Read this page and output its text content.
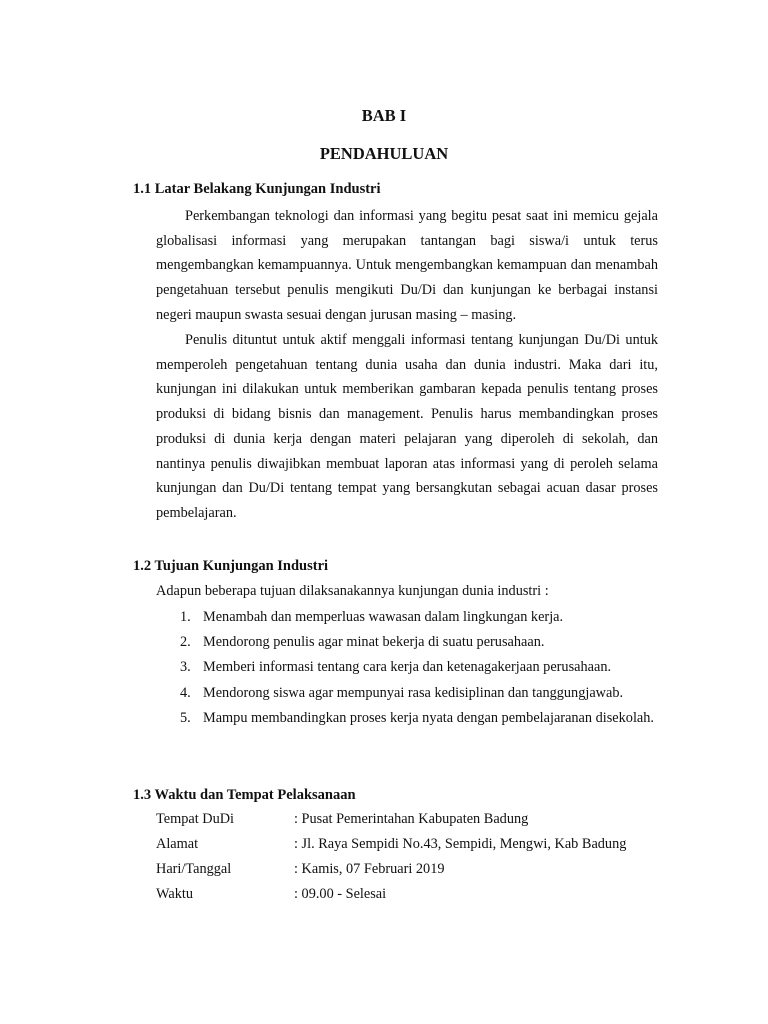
BAB I
PENDAHULUAN
1.1 Latar Belakang Kunjungan Industri

Perkembangan teknologi dan informasi yang begitu pesat saat ini memicu gejala globalisasi informasi yang merupakan tantangan bagi siswa/i untuk terus mengembangkan kemampuannya. Untuk mengembangkan kemampuan dan menambah pengetahuan tersebut penulis mengikuti Du/Di dan kunjungan ke berbagai instansi negeri maupun swasta sesuai dengan jurusan masing – masing.

Penulis dituntut untuk aktif menggali informasi tentang kunjungan Du/Di untuk memperoleh pengetahuan tentang dunia usaha dan dunia industri. Maka dari itu, kunjungan ini dilakukan untuk memberikan gambaran kepada penulis tentang proses produksi di bidang bisnis dan management. Penulis harus membandingkan proses produksi di dunia kerja dengan materi pelajaran yang diperoleh di sekolah, dan nantinya penulis diwajibkan membuat laporan atas informasi yang di peroleh selama kunjungan dan Du/Di tentang tempat yang bersangkutan sebagai acuan dasar proses pembelajaran.

1.2 Tujuan Kunjungan Industri
Adapun beberapa tujuan dilaksanakannya kunjungan dunia industri :
1. Menambah dan memperluas wawasan dalam lingkungan kerja.
2. Mendorong penulis agar minat bekerja di suatu perusahaan.
3. Memberi informasi tentang cara kerja dan ketenagakerjaan perusahaan.
4. Mendorong siswa agar mempunyai rasa kedisiplinan dan tanggungjawab.
5. Mampu membandingkan proses kerja nyata dengan pembelajaranan disekolah.
1.3 Waktu dan Tempat Pelaksanaan
Tempat DuDi	: Pusat Pemerintahan Kabupaten Badung
Alamat	: Jl. Raya Sempidi No.43, Sempidi, Mengwi, Kab Badung
Hari/Tanggal	: Kamis, 07 Februari 2019
Waktu	: 09.00 - Selesai
